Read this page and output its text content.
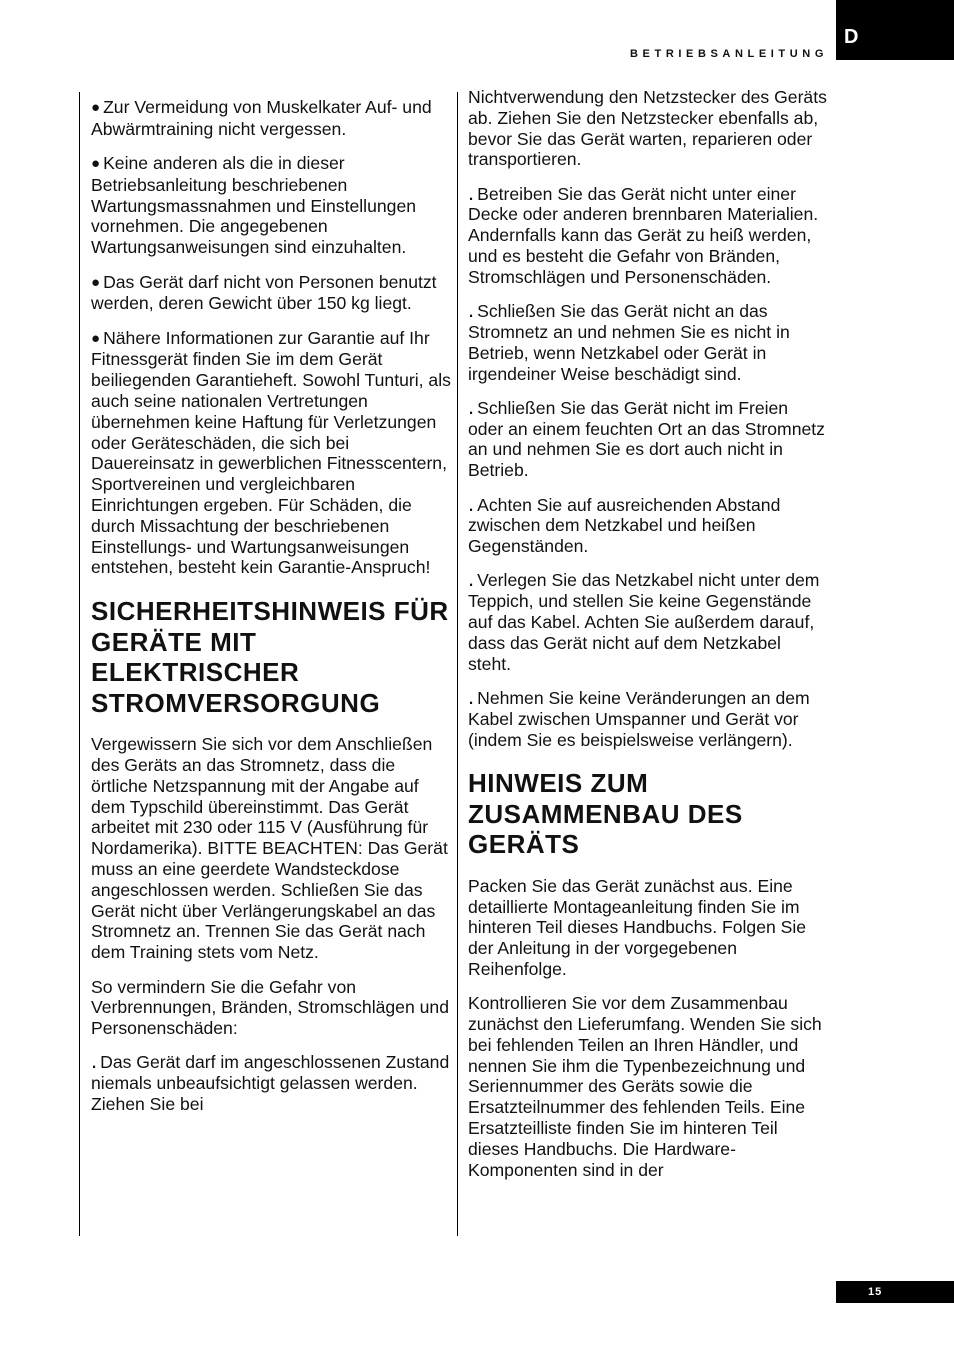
BETRIEBSANLEITUNG
D

● Zur Vermeidung von Muskelkater Auf- und Abwärmtraining nicht vergessen.

● Keine anderen als die in dieser Betriebsanleitung beschriebenen Wartungsmassnahmen und Einstellungen vornehmen. Die angegebenen Wartungsanweisungen sind einzuhalten.

● Das Gerät darf nicht von Personen benutzt werden, deren Gewicht über 150 kg liegt.

● Nähere Informationen zur Garantie auf Ihr Fitnessgerät finden Sie im dem Gerät beiliegenden Garantieheft. Sowohl Tunturi, als auch seine nationalen Vertretungen übernehmen keine Haftung für Verletzungen oder Geräteschäden, die sich bei Dauereinsatz in gewerblichen Fitnesscentern, Sportvereinen und vergleichbaren Einrichtungen ergeben. Für Schäden, die durch Missachtung der beschriebenen Einstellungs- und Wartungsanweisungen entstehen, besteht kein Garantie-Anspruch!

SICHERHEITSHINWEIS FÜR GERÄTE MIT ELEKTRISCHER STROMVERSORGUNG

Vergewissern Sie sich vor dem Anschließen des Geräts an das Stromnetz, dass die örtliche Netzspannung mit der Angabe auf dem Typschild übereinstimmt. Das Gerät arbeitet mit 230 oder 115 V (Ausführung für Nordamerika). BITTE BEACHTEN: Das Gerät muss an eine geerdete Wandsteckdose angeschlossen werden. Schließen Sie das Gerät nicht über Verlängerungskabel an das Stromnetz an. Trennen Sie das Gerät nach dem Training stets vom Netz.

So vermindern Sie die Gefahr von Verbrennungen, Bränden, Stromschlägen und Personenschäden:

. Das Gerät darf im angeschlossenen Zustand niemals unbeaufsichtigt gelassen werden. Ziehen Sie bei

Nichtverwendung den Netzstecker des Geräts ab. Ziehen Sie den Netzstecker ebenfalls ab, bevor Sie das Gerät warten, reparieren oder transportieren.

. Betreiben Sie das Gerät nicht unter einer Decke oder anderen brennbaren Materialien. Andernfalls kann das Gerät zu heiß werden, und es besteht die Gefahr von Bränden, Stromschlägen und Personenschäden.

. Schließen Sie das Gerät nicht an das Stromnetz an und nehmen Sie es nicht in Betrieb, wenn Netzkabel oder Gerät in irgendeiner Weise beschädigt sind.

. Schließen Sie das Gerät nicht im Freien oder an einem feuchten Ort an das Stromnetz an und nehmen Sie es dort auch nicht in Betrieb.

. Achten Sie auf ausreichenden Abstand zwischen dem Netzkabel und heißen Gegenständen.

. Verlegen Sie das Netzkabel nicht unter dem Teppich, und stellen Sie keine Gegenstände auf das Kabel. Achten Sie außerdem darauf, dass das Gerät nicht auf dem Netzkabel steht.

. Nehmen Sie keine Veränderungen an dem Kabel zwischen Umspanner und Gerät vor (indem Sie es beispielsweise verlängern).

HINWEIS ZUM ZUSAMMENBAU DES GERÄTS

Packen Sie das Gerät zunächst aus. Eine detaillierte Montageanleitung finden Sie im hinteren Teil dieses Handbuchs. Folgen Sie der Anleitung in der vorgegebenen Reihenfolge.

Kontrollieren Sie vor dem Zusammenbau zunächst den Lieferumfang. Wenden Sie sich bei fehlenden Teilen an Ihren Händler, und nennen Sie ihm die Typenbezeichnung und Seriennummer des Geräts sowie die Ersatzteilnummer des fehlenden Teils. Eine Ersatzteilliste finden Sie im hinteren Teil dieses Handbuchs. Die Hardware-Komponenten sind in der

15
